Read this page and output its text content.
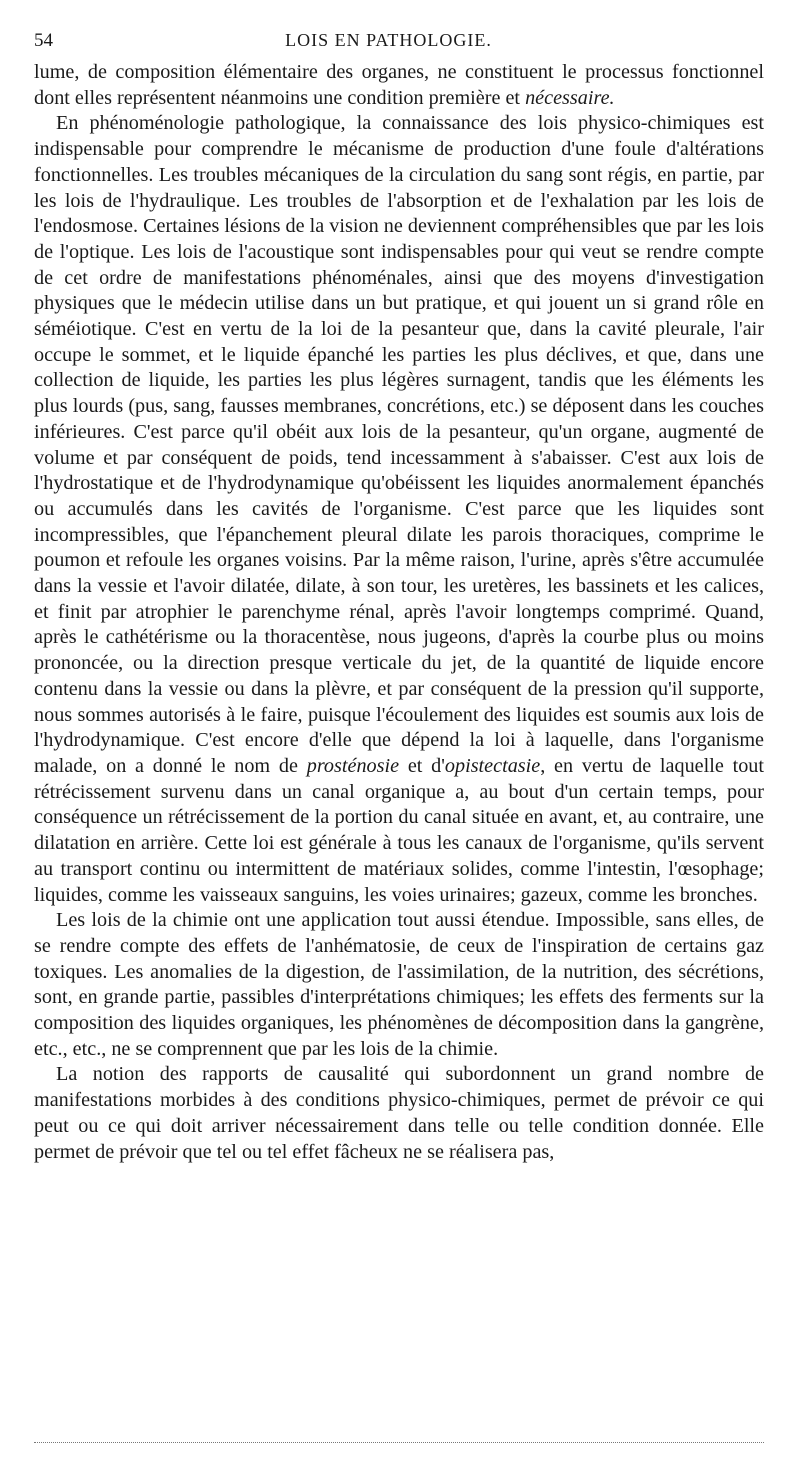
54	LOIS EN PATHOLOGIE.

lume, de composition élémentaire des organes, ne constituent le processus fonctionnel dont elles représentent néanmoins une condition première et nécessaire.

En phénoménologie pathologique, la connaissance des lois physico-chimiques est indispensable pour comprendre le mécanisme de production d'une foule d'altérations fonctionnelles. Les troubles mécaniques de la circulation du sang sont régis, en partie, par les lois de l'hydraulique. Les troubles de l'absorption et de l'exhalation par les lois de l'endosmose. Certaines lésions de la vision ne deviennent compréhensibles que par les lois de l'optique. Les lois de l'acoustique sont indispensables pour qui veut se rendre compte de cet ordre de manifestations phénoménales, ainsi que des moyens d'investigation physiques que le médecin utilise dans un but pratique, et qui jouent un si grand rôle en séméiotique. C'est en vertu de la loi de la pesanteur que, dans la cavité pleurale, l'air occupe le sommet, et le liquide épanché les parties les plus déclives, et que, dans une collection de liquide, les parties les plus légères surnagent, tandis que les éléments les plus lourds (pus, sang, fausses membranes, concrétions, etc.) se déposent dans les couches inférieures. C'est parce qu'il obéit aux lois de la pesanteur, qu'un organe, augmenté de volume et par conséquent de poids, tend incessamment à s'abaisser. C'est aux lois de l'hydrostatique et de l'hydrodynamique qu'obéissent les liquides anormalement épanchés ou accumulés dans les cavités de l'organisme. C'est parce que les liquides sont incompressibles, que l'épanchement pleural dilate les parois thoraciques, comprime le poumon et refoule les organes voisins. Par la même raison, l'urine, après s'être accumulée dans la vessie et l'avoir dilatée, dilate, à son tour, les uretères, les bassinets et les calices, et finit par atrophier le parenchyme rénal, après l'avoir longtemps comprimé. Quand, après le cathétérisme ou la thoracentèse, nous jugeons, d'après la courbe plus ou moins prononcée, ou la direction presque verticale du jet, de la quantité de liquide encore contenu dans la vessie ou dans la plèvre, et par conséquent de la pression qu'il supporte, nous sommes autorisés à le faire, puisque l'écoulement des liquides est soumis aux lois de l'hydrodynamique. C'est encore d'elle que dépend la loi à laquelle, dans l'organisme malade, on a donné le nom de prosténosie et d'opistectasie, en vertu de laquelle tout rétrécissement survenu dans un canal organique a, au bout d'un certain temps, pour conséquence un rétrécissement de la portion du canal située en avant, et, au contraire, une dilatation en arrière. Cette loi est générale à tous les canaux de l'organisme, qu'ils servent au transport continu ou intermittent de matériaux solides, comme l'intestin, l'œsophage; liquides, comme les vaisseaux sanguins, les voies urinaires; gazeux, comme les bronches.

Les lois de la chimie ont une application tout aussi étendue. Impossible, sans elles, de se rendre compte des effets de l'anhématosie, de ceux de l'inspiration de certains gaz toxiques. Les anomalies de la digestion, de l'assimilation, de la nutrition, des sécrétions, sont, en grande partie, passibles d'interprétations chimiques; les effets des ferments sur la composition des liquides organiques, les phénomènes de décomposition dans la gangrène, etc., etc., ne se comprennent que par les lois de la chimie.

La notion des rapports de causalité qui subordonnent un grand nombre de manifestations morbides à des conditions physico-chimiques, permet de prévoir ce qui peut ou ce qui doit arriver nécessairement dans telle ou telle condition donnée. Elle permet de prévoir que tel ou tel effet fâcheux ne se réalisera pas,
